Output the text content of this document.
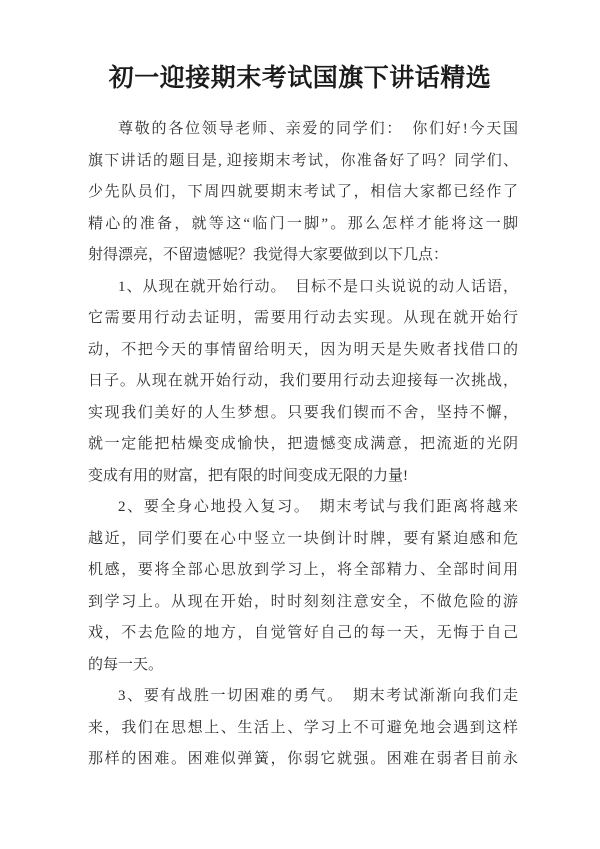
初一迎接期末考试国旗下讲话精选
尊敬的各位领导老师、亲爱的同学们：　你们好!今天国
旗下讲话的题目是, 迎接期末考试，你准备好了吗？同学们、
少先队员们，下周四就要期末考试了，相信大家都已经作了
精心的准备，就等这“临门一脚”。那么怎样才能将这一脚
射得漂亮，不留遗憾呢？我觉得大家要做到以下几点：
1、从现在就开始行动。　目标不是口头说说的动人话语，
它需要用行动去证明，需要用行动去实现。从现在就开始行
动，不把今天的事情留给明天，因为明天是失败者找借口的
日子。从现在就开始行动，我们要用行动去迎接每一次挑战，
实现我们美好的人生梦想。只要我们锲而不舍，坚持不懈，
就一定能把枯燥变成愉快，把遗憾变成满意，把流逝的光阴
变成有用的财富，把有限的时间变成无限的力量!
2、要全身心地投入复习。　期末考试与我们距离将越来
越近，同学们要在心中竖立一块倒计时牌，要有紧迫感和危
机感，要将全部心思放到学习上，将全部精力、全部时间用
到学习上。从现在开始，时时刻刻注意安全，不做危险的游
戏，不去危险的地方，自觉管好自己的每一天，无悔于自己
的每一天。
3、要有战胜一切困难的勇气。　期末考试渐渐向我们走
来，我们在思想上、生活上、学习上不可避免地会遇到这样
那样的困难。困难似弹簧，你弱它就强。困难在弱者目前永
